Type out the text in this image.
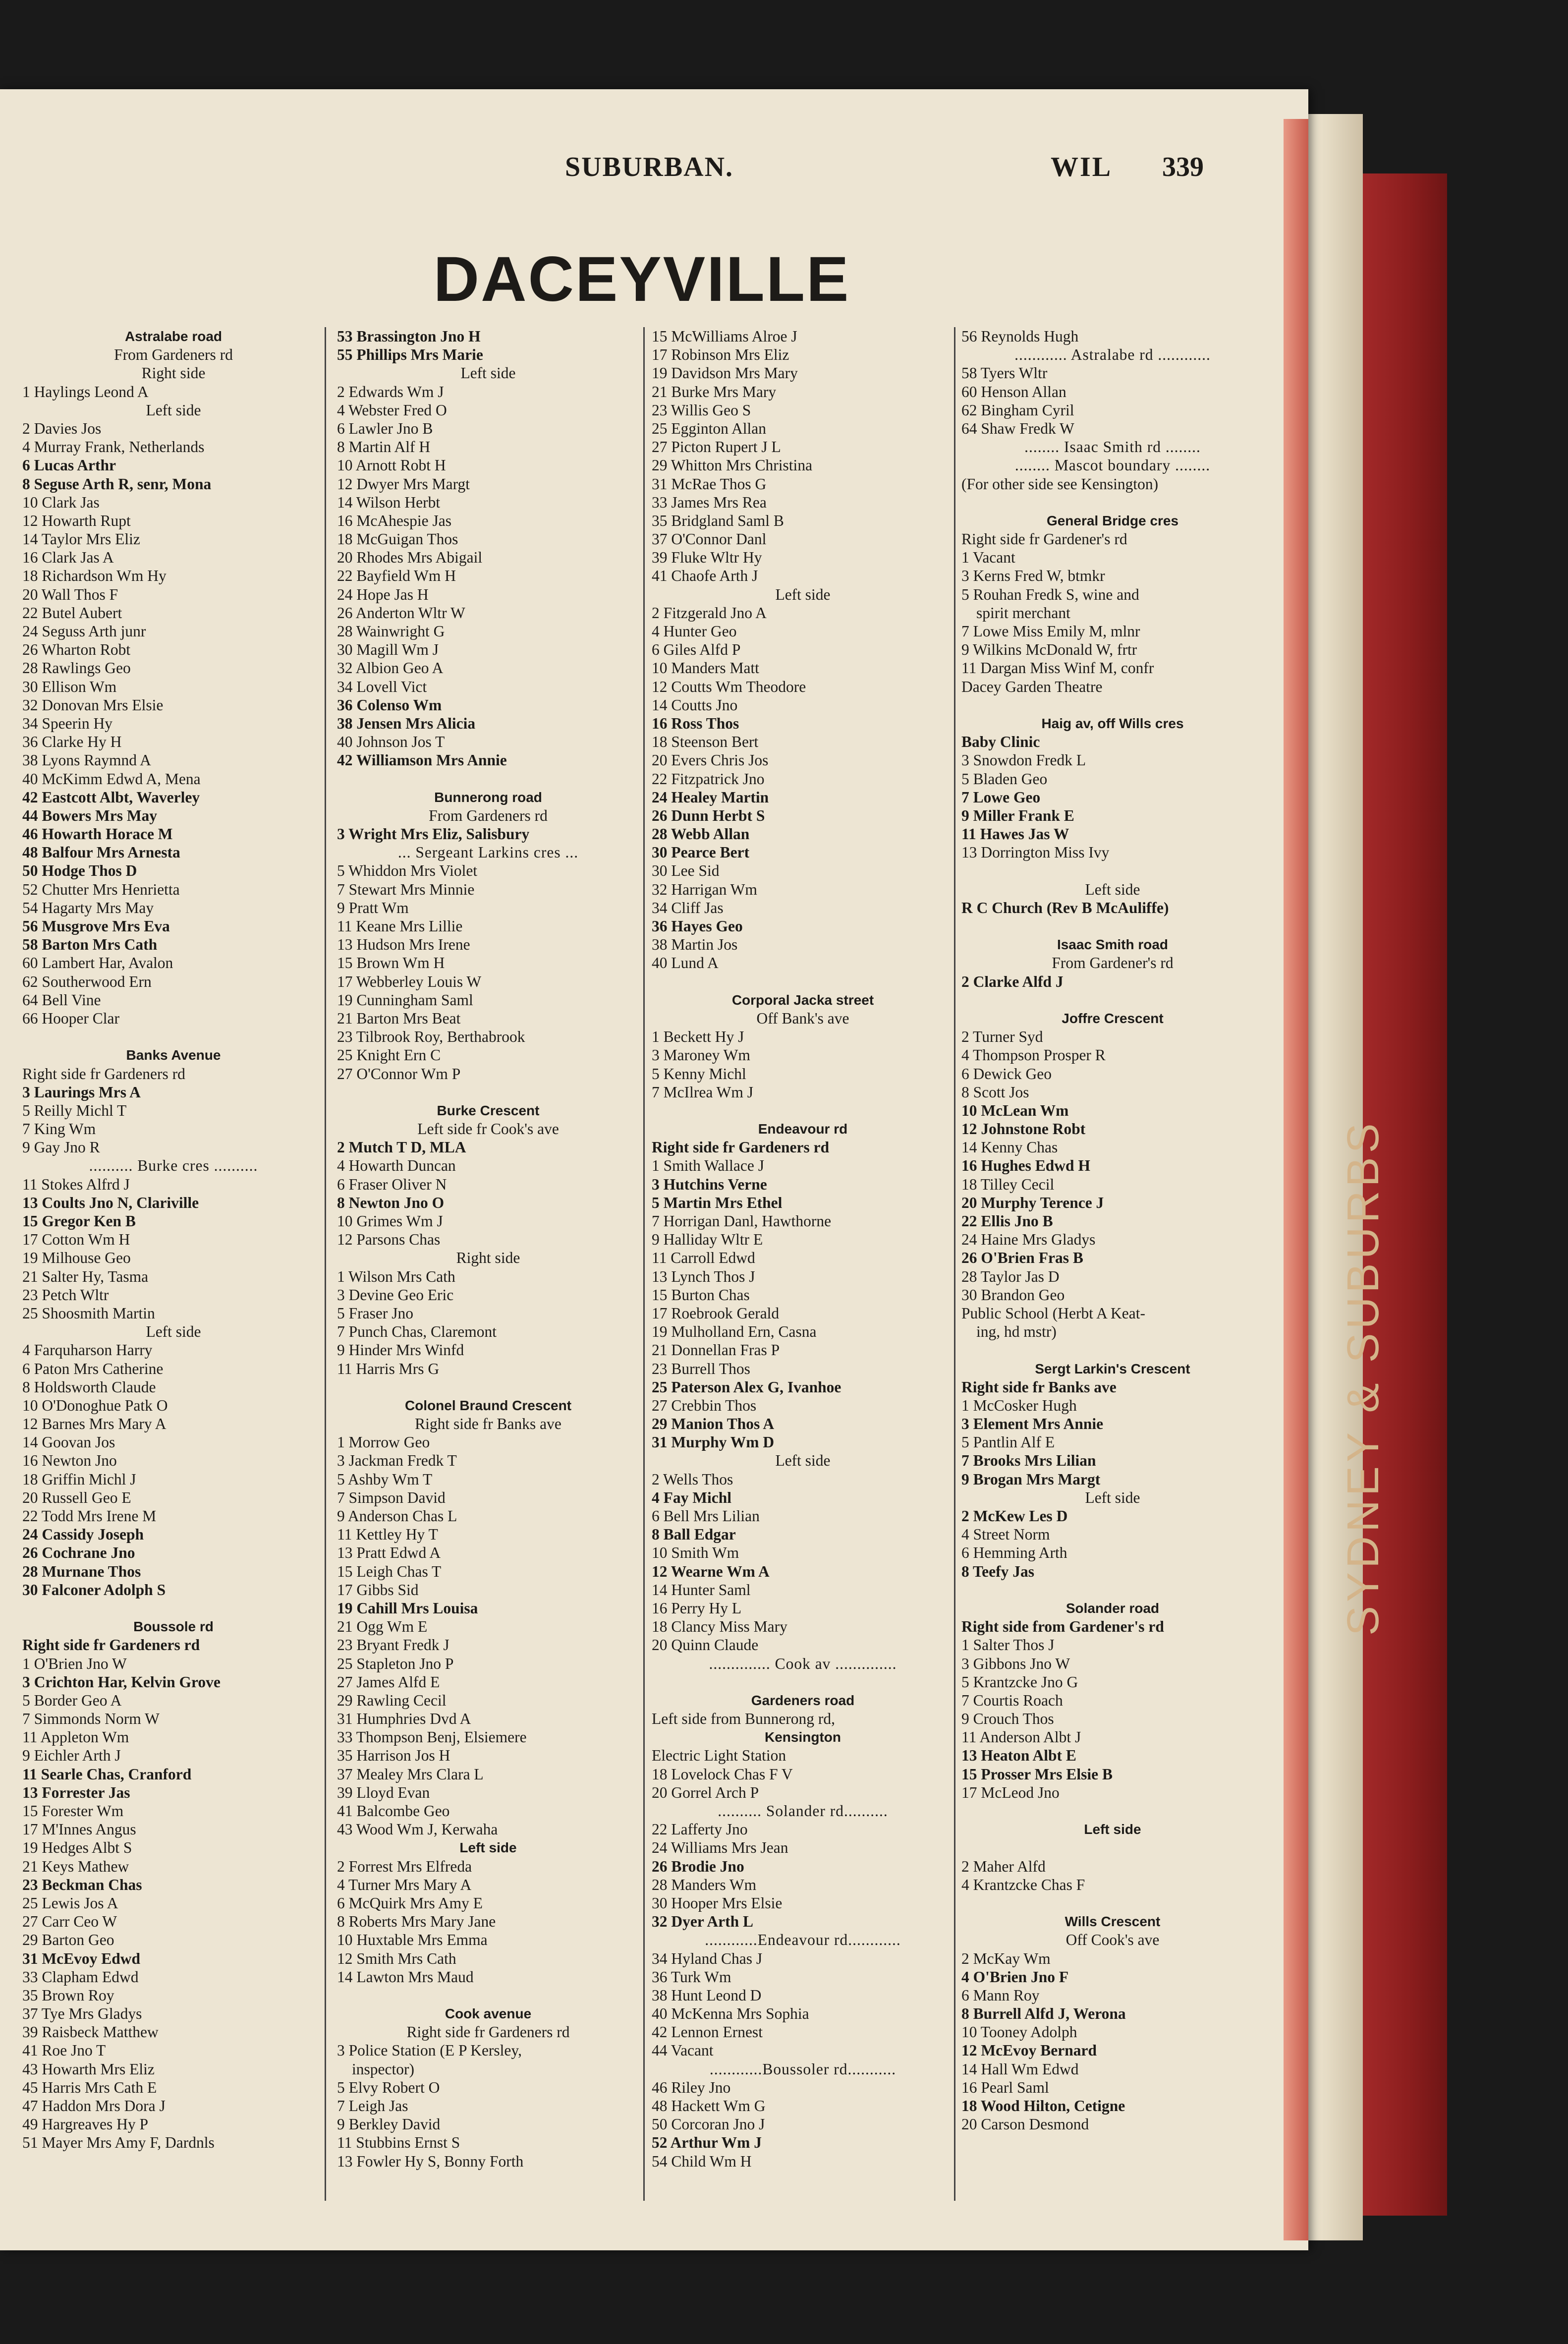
SYDNEY & SUBURBS
SUBURBAN.	WIL 339
DACEYVILLE
Astralabe road
From Gardeners rd
Right side
1 Haylings Leond A
Left side
2 Davies Jos
4 Murray Frank, Netherlands
6 Lucas Arthr
8 Seguse Arth R, senr, Mona
10 Clark Jas
12 Howarth Rupt
14 Taylor Mrs Eliz
16 Clark Jas A
18 Richardson Wm Hy
20 Wall Thos F
22 Butel Aubert
24 Seguss Arth junr
26 Wharton Robt
28 Rawlings Geo
30 Ellison Wm
32 Donovan Mrs Elsie
34 Speerin Hy
36 Clarke Hy H
38 Lyons Raymnd A
40 McKimm Edwd A, Mena
42 Eastcott Albt, Waverley
44 Bowers Mrs May
46 Howarth Horace M
48 Balfour Mrs Arnesta
50 Hodge Thos D
52 Chutter Mrs Henrietta
54 Hagarty Mrs May
56 Musgrove Mrs Eva
58 Barton Mrs Cath
60 Lambert Har, Avalon
62 Southerwood Ern
64 Bell Vine
66 Hooper Clar
Banks Avenue
Right side fr Gardeners rd
3 Laurings Mrs A
5 Reilly Michl T
7 King Wm
9 Gay Jno R
.......... Burke cres ..........
11 Stokes Alfrd J
13 Coults Jno N, Clariville
15 Gregor Ken B
17 Cotton Wm H
19 Milhouse Geo
21 Salter Hy, Tasma
23 Petch Wltr
25 Shoosmith Martin
Left side
4 Farquharson Harry
6 Paton Mrs Catherine
8 Holdsworth Claude
10 O'Donoghue Patk O
12 Barnes Mrs Mary A
14 Goovan Jos
16 Newton Jno
18 Griffin Michl J
20 Russell Geo E
22 Todd Mrs Irene M
24 Cassidy Joseph
26 Cochrane Jno
28 Murnane Thos
30 Falconer Adolph S
Boussole rd
Right side fr Gardeners rd
1 O'Brien Jno W
3 Crichton Har, Kelvin Grove
5 Border Geo A
7 Simmonds Norm W
11 Appleton Wm
9 Eichler Arth J
11 Searle Chas, Cranford
13 Forrester Jas
15 Forester Wm
17 M'Innes Angus
19 Hedges Albt S
21 Keys Mathew
23 Beckman Chas
25 Lewis Jos A
27 Carr Ceo W
29 Barton Geo
31 McEvoy Edwd
33 Clapham Edwd
35 Brown Roy
37 Tye Mrs Gladys
39 Raisbeck Matthew
41 Roe Jno T
43 Howarth Mrs Eliz
45 Harris Mrs Cath E
47 Haddon Mrs Dora J
49 Hargreaves Hy P
51 Mayer Mrs Amy F, Dardnls
53 Brassington Jno H
55 Phillips Mrs Marie
Left side
2 Edwards Wm J
4 Webster Fred O
6 Lawler Jno B
8 Martin Alf H
10 Arnott Robt H
12 Dwyer Mrs Margt
14 Wilson Herbt
16 McAhespie Jas
18 McGuigan Thos
20 Rhodes Mrs Abigail
22 Bayfield Wm H
24 Hope Jas H
26 Anderton Wltr W
28 Wainwright G
30 Magill Wm J
32 Albion Geo A
34 Lovell Vict
36 Colenso Wm
38 Jensen Mrs Alicia
40 Johnson Jos T
42 Williamson Mrs Annie
Bunnerong road
From Gardeners rd
3 Wright Mrs Eliz, Salisbury
... Sergeant Larkins cres ...
5 Whiddon Mrs Violet
7 Stewart Mrs Minnie
9 Pratt Wm
11 Keane Mrs Lillie
13 Hudson Mrs Irene
15 Brown Wm H
17 Webberley Louis W
19 Cunningham Saml
21 Barton Mrs Beat
23 Tilbrook Roy, Berthabrook
25 Knight Ern C
27 O'Connor Wm P
Burke Crescent
Left side fr Cook's ave
2 Mutch T D, MLA
4 Howarth Duncan
6 Fraser Oliver N
8 Newton Jno O
10 Grimes Wm J
12 Parsons Chas
Right side
1 Wilson Mrs Cath
3 Devine Geo Eric
5 Fraser Jno
7 Punch Chas, Claremont
9 Hinder Mrs Winfd
11 Harris Mrs G
Colonel Braund Crescent
Right side fr Banks ave
1 Morrow Geo
3 Jackman Fredk T
5 Ashby Wm T
7 Simpson David
9 Anderson Chas L
11 Kettley Hy T
13 Pratt Edwd A
15 Leigh Chas T
17 Gibbs Sid
19 Cahill Mrs Louisa
21 Ogg Wm E
23 Bryant Fredk J
25 Stapleton Jno P
27 James Alfd E
29 Rawling Cecil
31 Humphries Dvd A
33 Thompson Benj, Elsiemere
35 Harrison Jos H
37 Mealey Mrs Clara L
39 Lloyd Evan
41 Balcombe Geo
43 Wood Wm J, Kerwaha
Left side
2 Forrest Mrs Elfreda
4 Turner Mrs Mary A
6 McQuirk Mrs Amy E
8 Roberts Mrs Mary Jane
10 Huxtable Mrs Emma
12 Smith Mrs Cath
14 Lawton Mrs Maud
Cook avenue
Right side fr Gardeners rd
3 Police Station (E P Kersley,
inspector)
5 Elvy Robert O
7 Leigh Jas
9 Berkley David
11 Stubbins Ernst S
13 Fowler Hy S, Bonny Forth
15 McWilliams Alroe J
17 Robinson Mrs Eliz
19 Davidson Mrs Mary
21 Burke Mrs Mary
23 Willis Geo S
25 Egginton Allan
27 Picton Rupert J L
29 Whitton Mrs Christina
31 McRae Thos G
33 James Mrs Rea
35 Bridgland Saml B
37 O'Connor Danl
39 Fluke Wltr Hy
41 Chaofe Arth J
Left side
2 Fitzgerald Jno A
4 Hunter Geo
6 Giles Alfd P
10 Manders Matt
12 Coutts Wm Theodore
14 Coutts Jno
16 Ross Thos
18 Steenson Bert
20 Evers Chris Jos
22 Fitzpatrick Jno
24 Healey Martin
26 Dunn Herbt S
28 Webb Allan
30 Pearce Bert
30 Lee Sid
32 Harrigan Wm
34 Cliff Jas
36 Hayes Geo
38 Martin Jos
40 Lund A
Corporal Jacka street
Off Bank's ave
1 Beckett Hy J
3 Maroney Wm
5 Kenny Michl
7 McIlrea Wm J
Endeavour rd
Right side fr Gardeners rd
1 Smith Wallace J
3 Hutchins Verne
5 Martin Mrs Ethel
7 Horrigan Danl, Hawthorne
9 Halliday Wltr E
11 Carroll Edwd
13 Lynch Thos J
15 Burton Chas
17 Roebrook Gerald
19 Mulholland Ern, Casna
21 Donnellan Fras P
23 Burrell Thos
25 Paterson Alex G, Ivanhoe
27 Crebbin Thos
29 Manion Thos A
31 Murphy Wm D
Left side
2 Wells Thos
4 Fay Michl
6 Bell Mrs Lilian
8 Ball Edgar
10 Smith Wm
12 Wearne Wm A
14 Hunter Saml
16 Perry Hy L
18 Clancy Miss Mary
20 Quinn Claude
.............. Cook av ..............
Gardeners road
Left side from Bunnerong rd,
Kensington
Electric Light Station
18 Lovelock Chas F V
20 Gorrel Arch P
.......... Solander rd..........
22 Lafferty Jno
24 Williams Mrs Jean
26 Brodie Jno
28 Manders Wm
30 Hooper Mrs Elsie
32 Dyer Arth L
............Endeavour rd............
34 Hyland Chas J
36 Turk Wm
38 Hunt Leond D
40 McKenna Mrs Sophia
42 Lennon Ernest
44 Vacant
............Boussoler rd...........
46 Riley Jno
48 Hackett Wm G
50 Corcoran Jno J
52 Arthur Wm J
54 Child Wm H
56 Reynolds Hugh
............ Astralabe rd ............
58 Tyers Wltr
60 Henson Allan
62 Bingham Cyril
64 Shaw Fredk W
........ Isaac Smith rd ........
........ Mascot boundary ........
(For other side see Kensington)
General Bridge cres
Right side fr Gardener's rd
1 Vacant
3 Kerns Fred W, btmkr
5 Rouhan Fredk S, wine and
spirit merchant
7 Lowe Miss Emily M, mlnr
9 Wilkins McDonald W, frtr
11 Dargan Miss Winf M, confr
Dacey Garden Theatre
Haig av, off Wills cres
Baby Clinic
3 Snowdon Fredk L
5 Bladen Geo
7 Lowe Geo
9 Miller Frank E
11 Hawes Jas W
13 Dorrington Miss Ivy
Left side
R C Church (Rev B McAuliffe)
Isaac Smith road
From Gardener's rd
2 Clarke Alfd J
Joffre Crescent
2 Turner Syd
4 Thompson Prosper R
6 Dewick Geo
8 Scott Jos
10 McLean Wm
12 Johnstone Robt
14 Kenny Chas
16 Hughes Edwd H
18 Tilley Cecil
20 Murphy Terence J
22 Ellis Jno B
24 Haine Mrs Gladys
26 O'Brien Fras B
28 Taylor Jas D
30 Brandon Geo
Public School (Herbt A Keat-
ing, hd mstr)
Sergt Larkin's Crescent
Right side fr Banks ave
1 McCosker Hugh
3 Element Mrs Annie
5 Pantlin Alf E
7 Brooks Mrs Lilian
9 Brogan Mrs Margt
Left side
2 McKew Les D
4 Street Norm
6 Hemming Arth
8 Teefy Jas
Solander road
Right side from Gardener's rd
1 Salter Thos J
3 Gibbons Jno W
5 Krantzcke Jno G
7 Courtis Roach
9 Crouch Thos
11 Anderson Albt J
13 Heaton Albt E
15 Prosser Mrs Elsie B
17 McLeod Jno
Left side
2 Maher Alfd
4 Krantzcke Chas F
Wills Crescent
Off Cook's ave
2 McKay Wm
4 O'Brien Jno F
6 Mann Roy
8 Burrell Alfd J, Werona
10 Tooney Adolph
12 McEvoy Bernard
14 Hall Wm Edwd
16 Pearl Saml
18 Wood Hilton, Cetigne
20 Carson Desmond
